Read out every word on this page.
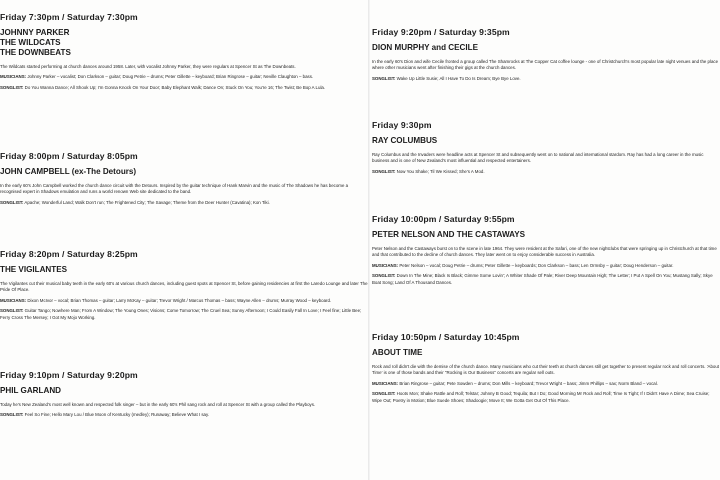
Friday 7:30pm / Saturday 7:30pm
JOHNNY PARKER
THE WILDCATS
THE DOWNBEATS
The Wildcats started performing at church dances around 1958. Later, with vocalist Johnny Parker, they were regulars at Spencer St as The Downbeats.
MUSICIANS: Johnny Parker – vocalist; Don Clarkson – guitar; Doug Petrie – drums; Peter Gillette – keyboard; Brian Ringrose – guitar; Neville Claughton – bass.
SONGLIST: Do You Wanna Dance; All Shook Up; I'm Gonna Knock On Your Door; Baby Elephant Walk; Dance On; Stuck On You; You're 16; The Twist; Be Bop A Lula.
Friday 8:00pm / Saturday 8:05pm
JOHN CAMPBELL (ex-The Detours)
In the early 60's John Campbell worked the church dance circuit with the Detours. Inspired by the guitar technique of Hank Marvin and the music of The Shadows he has become a recognised expert in Shadows emulation and runs a world renown Web site dedicated to the band.
SONGLIST: Apache; Wonderful Land; Walk Don't run; The Frightened City; The Savage; Theme from the Deer Hunter (Cavatina); Kon Tiki.
Friday 8:20pm / Saturday 8:25pm
THE VIGILANTES
The Vigilantes cut their musical baby teeth in the early 60's at various church dances, including guest spots at Spencer St, before gaining residencies at first the Laredo Lounge and later The Pride Of Place.
MUSICIANS: Dixon McIvor – vocal; Brian Thomas – guitar; Larry McKay – guitar; Trevor Wright / Marcus Thomas – bass; Wayne Allen – drums; Murray Wood – keyboard.
SONGLIST: Guitar Tango; Nowhere Man; From A Window; The Young Ones; Visions; Come Tomorrow; The Cruel Sea; Sunny Afternoon; I Could Easily Fall In Love; I Feel fine; Little Bee; Ferry Cross The Mersey; I Got My Mojo Working.
Friday 9:10pm / Saturday 9:20pm
PHIL GARLAND
Today he's New Zealand's most well known and respected folk singer – but in the early 60's Phil sang rock and roll at Spencer St with a group called the Playboys.
SONGLIST: Feel So Fine; Hello Mary Lou / Blue Moon of Kentucky (medley); Runaway; Believe What I say.
Friday 9:20pm / Saturday 9:35pm
DION MURPHY and CECILE
In the early 60's Dion and wife Cecile fronted a group called The Shamrocks at The Copper Cat coffee lounge - one of Christchurch's most popular late night venues and the place where other musicians went after finishing their gigs at the church dances.
SONGLIST: Wake Up Little Susie; All I Have To Do Is Dream; Bye Bye Love.
Friday 9:30pm
RAY COLUMBUS
Ray Columbus and the Invaders were headline acts at Spencer St and subsequently went on to national and international stardom. Ray has had a long career in the music business and is one of New Zealand's most influential and respected entertainers.
SONGLIST: Now You Shake; Til We Kissed; She's A Mod.
Friday 10:00pm / Saturday 9:55pm
PETER NELSON AND THE CASTAWAYS
Peter Nelson and the Castaways burst on to the scene in late 1964. They were resident at the Safari, one of the new nightclubs that were springing up in Christchurch at that time and that contributed to the decline of church dances. They later went on to enjoy considerable success in Australia.
MUSICIANS: Peter Nelson – vocal; Doug Petrie – drums; Peter Gillette – keyboards; Don Clarkson – bass; Len Ormsby – guitar; Doug Henderson – guitar.
SONGLIST: Down In The Mine; Black Is Black; Gimme Some Lovin'; A Whiter Shade Of Pale; River Deep Mountain High; The Letter; I Put A Spell On You; Mustang Sally; Skye Boat Song; Land Of A Thousand Dances.
Friday 10:50pm / Saturday 10:45pm
ABOUT TIME
Rock and roll didn't die with the demise of the church dance. Many musicians who cut their teeth at church dances still get together to present regular rock and roll concerts. 'About Time' is one of those bands and their "Rocking is Our Business" concerts are regular sell outs.
MUSICIANS: Brian Ringrose – guitar; Pete Sowden – drums; Don Mills – keyboard; Trevor Wright – bass; Jimm Phillips – sax; Norm Bland – vocal.
SONGLIST: Hoots Mon; Shake Rattle and Roll; Telstar; Johnny B Good; Tequila; But I Do; Good Morning Mr Rock and Roll; Time Is Tight; If I Didn't Have A Dime; Sea Cruise; Wipe Out; Poetry in Motion; Blue Suede Shoes; Shadoogie; Move It; We Gotta Get Out Of This Place.
